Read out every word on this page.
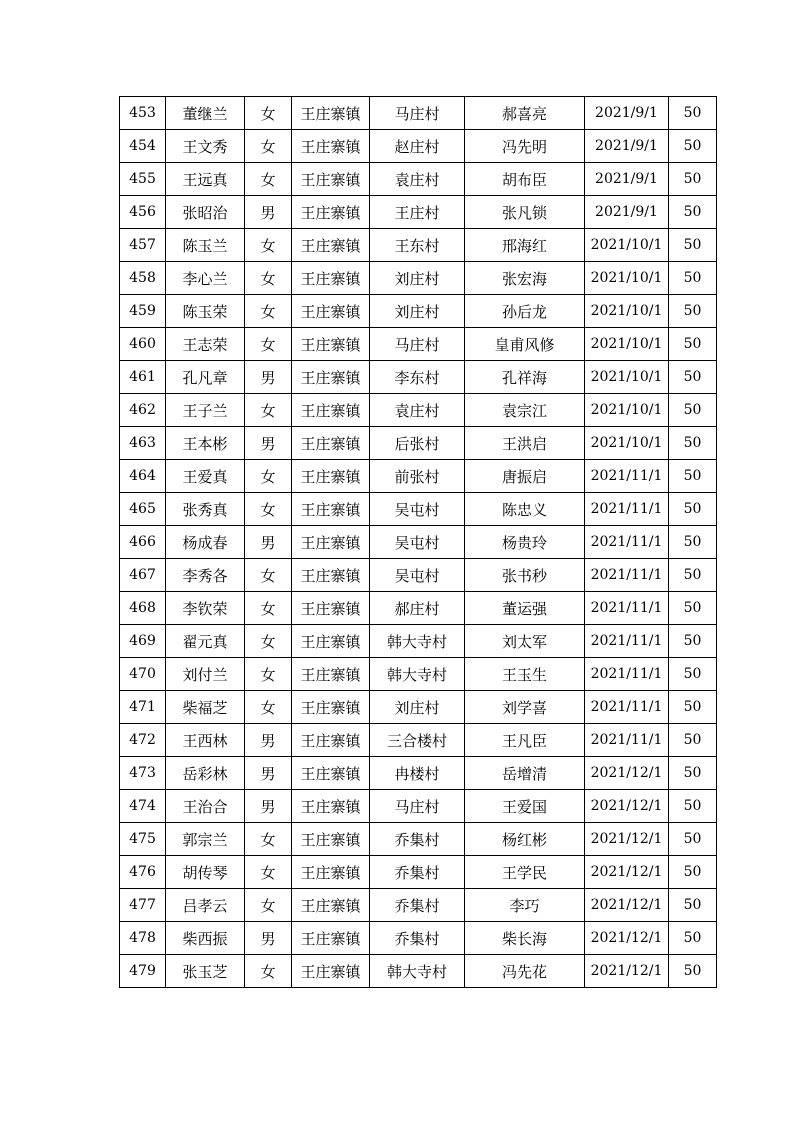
453	董继兰	女	王庄寨镇	马庄村	郝喜亮	2021/9/1	50
454	王文秀	女	王庄寨镇	赵庄村	冯先明	2021/9/1	50
455	王远真	女	王庄寨镇	袁庄村	胡布臣	2021/9/1	50
456	张昭治	男	王庄寨镇	王庄村	张凡锁	2021/9/1	50
457	陈玉兰	女	王庄寨镇	王东村	邢海红	2021/10/1	50
458	李心兰	女	王庄寨镇	刘庄村	张宏海	2021/10/1	50
459	陈玉荣	女	王庄寨镇	刘庄村	孙后龙	2021/10/1	50
460	王志荣	女	王庄寨镇	马庄村	皇甫风修	2021/10/1	50
461	孔凡章	男	王庄寨镇	李东村	孔祥海	2021/10/1	50
462	王子兰	女	王庄寨镇	袁庄村	袁宗江	2021/10/1	50
463	王本彬	男	王庄寨镇	后张村	王洪启	2021/10/1	50
464	王爱真	女	王庄寨镇	前张村	唐振启	2021/11/1	50
465	张秀真	女	王庄寨镇	吴屯村	陈忠义	2021/11/1	50
466	杨成春	男	王庄寨镇	吴屯村	杨贵玲	2021/11/1	50
467	李秀各	女	王庄寨镇	吴屯村	张书秒	2021/11/1	50
468	李钦荣	女	王庄寨镇	郝庄村	董运强	2021/11/1	50
469	翟元真	女	王庄寨镇	韩大寺村	刘太军	2021/11/1	50
470	刘付兰	女	王庄寨镇	韩大寺村	王玉生	2021/11/1	50
471	柴福芝	女	王庄寨镇	刘庄村	刘学喜	2021/11/1	50
472	王西林	男	王庄寨镇	三合楼村	王凡臣	2021/11/1	50
473	岳彩林	男	王庄寨镇	冉楼村	岳增清	2021/12/1	50
474	王治合	男	王庄寨镇	马庄村	王爱国	2021/12/1	50
475	郭宗兰	女	王庄寨镇	乔集村	杨红彬	2021/12/1	50
476	胡传琴	女	王庄寨镇	乔集村	王学民	2021/12/1	50
477	吕孝云	女	王庄寨镇	乔集村	李巧	2021/12/1	50
478	柴西振	男	王庄寨镇	乔集村	柴长海	2021/12/1	50
479	张玉芝	女	王庄寨镇	韩大寺村	冯先花	2021/12/1	50
